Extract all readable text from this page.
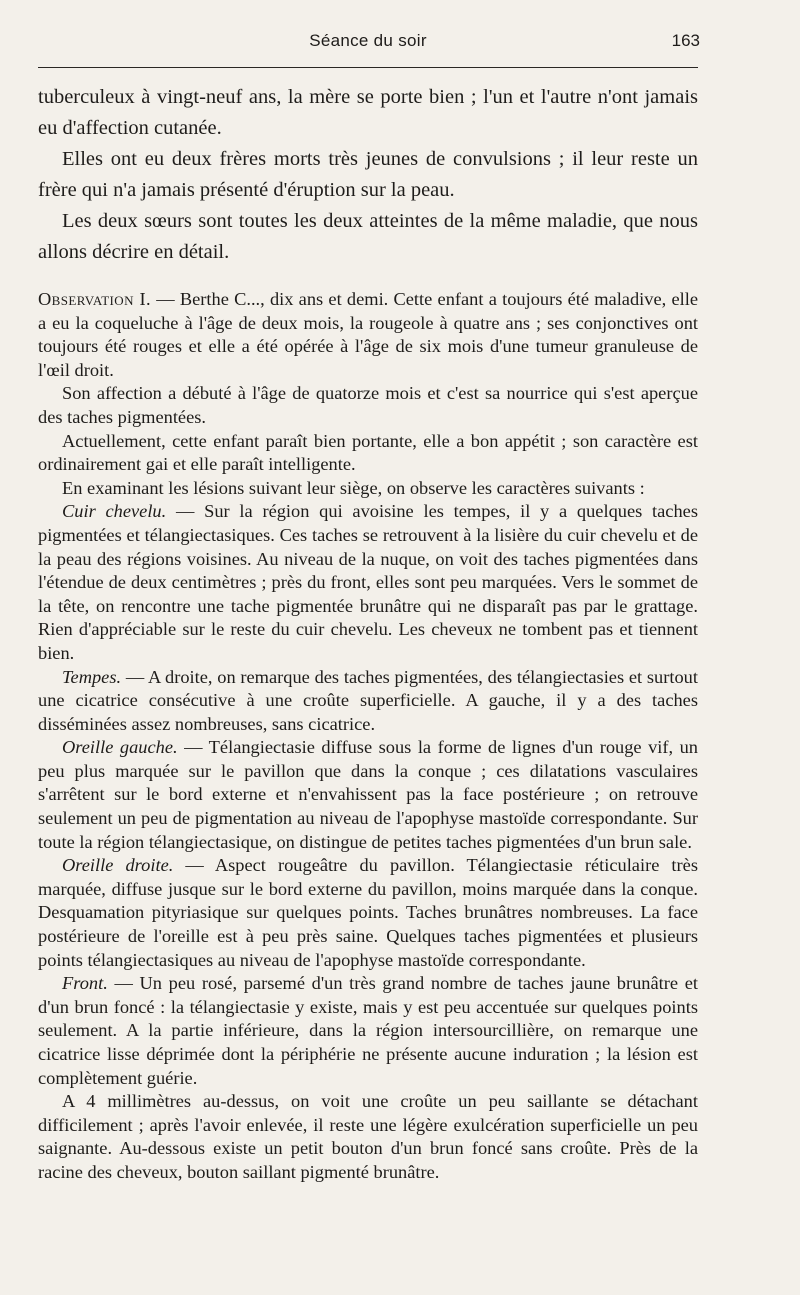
Séance du soir	163

tuberculeux à vingt-neuf ans, la mère se porte bien ; l'un et l'autre n'ont jamais eu d'affection cutanée.

Elles ont eu deux frères morts très jeunes de convulsions ; il leur reste un frère qui n'a jamais présenté d'éruption sur la peau.

Les deux sœurs sont toutes les deux atteintes de la même maladie, que nous allons décrire en détail.

Observation I. — Berthe C..., dix ans et demi. Cette enfant a toujours été maladive, elle a eu la coqueluche à l'âge de deux mois, la rougeole à quatre ans ; ses conjonctives ont toujours été rouges et elle a été opérée à l'âge de six mois d'une tumeur granuleuse de l'œil droit.

Son affection a débuté à l'âge de quatorze mois et c'est sa nourrice qui s'est aperçue des taches pigmentées.

Actuellement, cette enfant paraît bien portante, elle a bon appétit ; son caractère est ordinairement gai et elle paraît intelligente.

En examinant les lésions suivant leur siège, on observe les caractères suivants :

Cuir chevelu. — Sur la région qui avoisine les tempes, il y a quelques taches pigmentées et télangiectasiques. Ces taches se retrouvent à la lisière du cuir chevelu et de la peau des régions voisines. Au niveau de la nuque, on voit des taches pigmentées dans l'étendue de deux centimètres ; près du front, elles sont peu marquées. Vers le sommet de la tête, on rencontre une tache pigmentée brunâtre qui ne disparaît pas par le grattage. Rien d'appréciable sur le reste du cuir chevelu. Les cheveux ne tombent pas et tiennent bien.

Tempes. — A droite, on remarque des taches pigmentées, des télangiectasies et surtout une cicatrice consécutive à une croûte superficielle. A gauche, il y a des taches disséminées assez nombreuses, sans cicatrice.

Oreille gauche. — Télangiectasie diffuse sous la forme de lignes d'un rouge vif, un peu plus marquée sur le pavillon que dans la conque ; ces dilatations vasculaires s'arrêtent sur le bord externe et n'envahissent pas la face postérieure ; on retrouve seulement un peu de pigmentation au niveau de l'apophyse mastoïde correspondante. Sur toute la région télangiectasique, on distingue de petites taches pigmentées d'un brun sale.

Oreille droite. — Aspect rougeâtre du pavillon. Télangiectasie réticulaire très marquée, diffuse jusque sur le bord externe du pavillon, moins marquée dans la conque. Desquamation pityriasique sur quelques points. Taches brunâtres nombreuses. La face postérieure de l'oreille est à peu près saine. Quelques taches pigmentées et plusieurs points télangiectasiques au niveau de l'apophyse mastoïde correspondante.

Front. — Un peu rosé, parsemé d'un très grand nombre de taches jaune brunâtre et d'un brun foncé : la télangiectasie y existe, mais y est peu accentuée sur quelques points seulement. A la partie inférieure, dans la région intersourcillière, on remarque une cicatrice lisse déprimée dont la périphérie ne présente aucune induration ; la lésion est complètement guérie.

A 4 millimètres au-dessus, on voit une croûte un peu saillante se détachant difficilement ; après l'avoir enlevée, il reste une légère exulcération superficielle un peu saignante. Au-dessous existe un petit bouton d'un brun foncé sans croûte. Près de la racine des cheveux, bouton saillant pigmenté brunâtre.
